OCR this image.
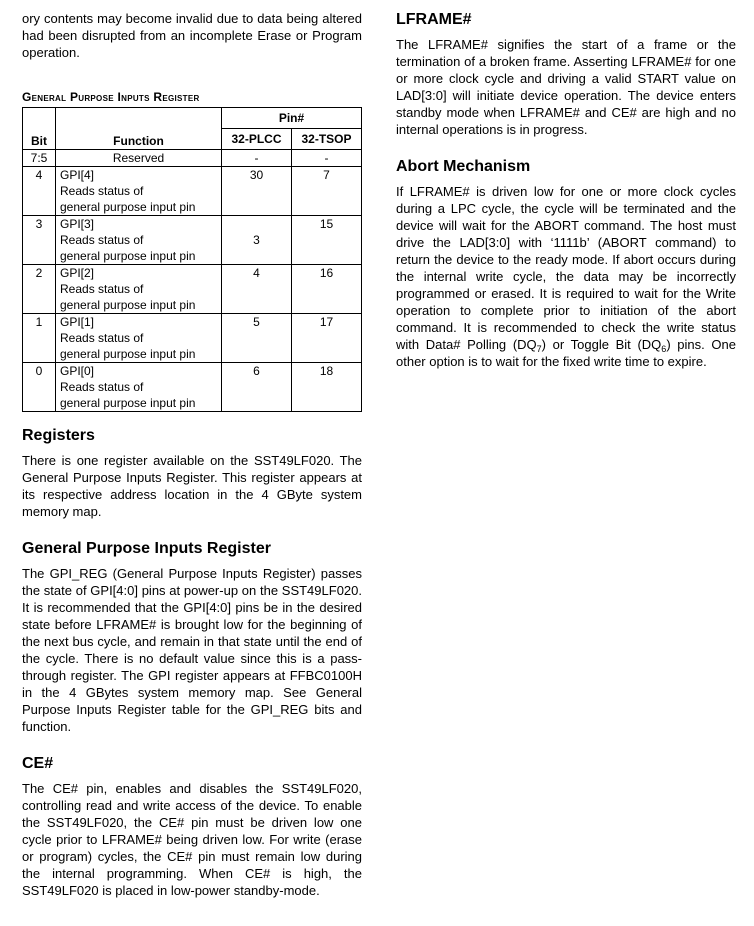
ory contents may become invalid due to data being altered had been disrupted from an incomplete Erase or Program operation.

General Purpose Inputs Register
Bit	Function	Pin#	
		32-PLCC	32-TSOP
7:5	Reserved	-	-
4	GPI[4]
Reads status of
general purpose input pin	30	7
3	GPI[3]
Reads status of
general purpose input pin	3	15
2	GPI[2]
Reads status of
general purpose input pin	4	16
1	GPI[1]
Reads status of
general purpose input pin	5	17
0	GPI[0]
Reads status of
general purpose input pin	6	18
Registers

There is one register available on the SST49LF020. The General Purpose Inputs Register. This register appears at its respective address location in the 4 GByte system memory map.

General Purpose Inputs Register

The GPI_REG (General Purpose Inputs Register) passes the state of GPI[4:0] pins at power-up on the SST49LF020. It is recommended that the GPI[4:0] pins be in the desired state before LFRAME# is brought low for the beginning of the next bus cycle, and remain in that state until the end of the cycle. There is no default value since this is a pass-through register. The GPI register appears at FFBC0100H in the 4 GBytes system memory map. See General Purpose Inputs Register table for the GPI_REG bits and function.

CE#

The CE# pin, enables and disables the SST49LF020, controlling read and write access of the device. To enable the SST49LF020, the CE# pin must be driven low one cycle prior to LFRAME# being driven low. For write (erase or program) cycles, the CE# pin must remain low during the internal programming. When CE# is high, the SST49LF020 is placed in low-power standby-mode.

LFRAME#

The LFRAME# signifies the start of a frame or the termination of a broken frame. Asserting LFRAME# for one or more clock cycle and driving a valid START value on LAD[3:0] will initiate device operation. The device enters standby mode when LFRAME# and CE# are high and no internal operations is in progress.

Abort Mechanism

If LFRAME# is driven low for one or more clock cycles during a LPC cycle, the cycle will be terminated and the device will wait for the ABORT command. The host must drive the LAD[3:0] with ‘1111b’ (ABORT command) to return the device to the ready mode. If abort occurs during the internal write cycle, the data may be incorrectly programmed or erased. It is required to wait for the Write operation to complete prior to initiation of the abort command. It is recommended to check the write status with Data# Polling $(DQ_7)$ or Toggle Bit $(DQ_6)$ pins. One other option is to wait for the fixed write time to expire.
